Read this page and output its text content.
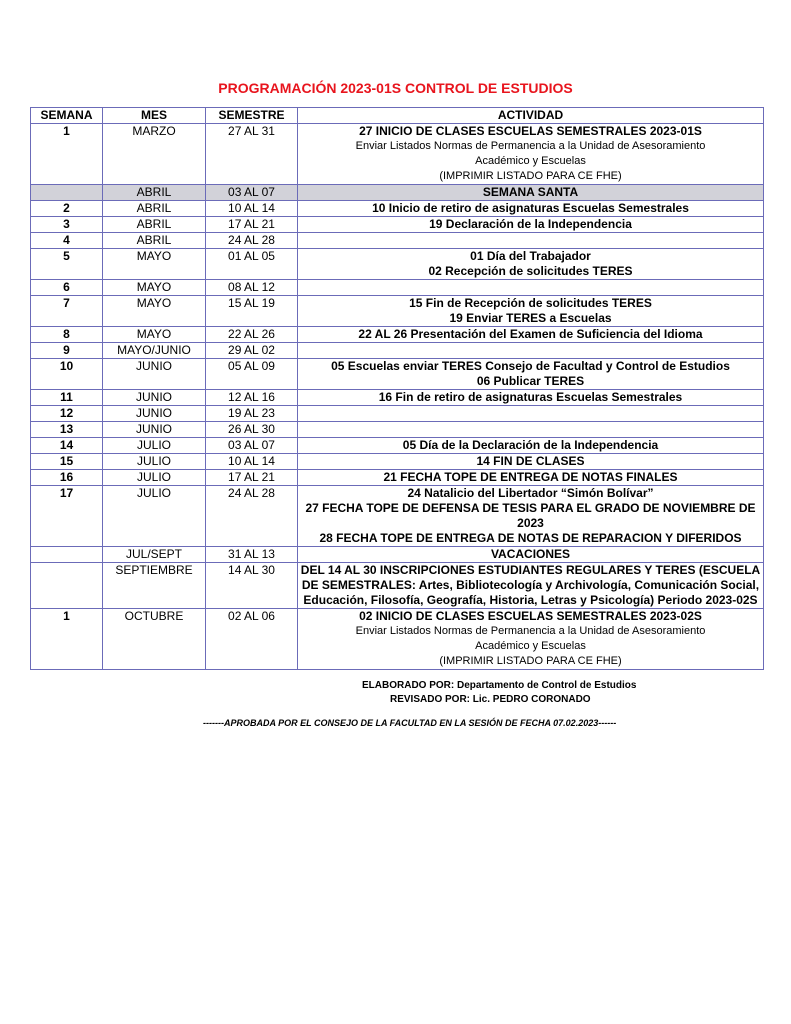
PROGRAMACIÓN 2023-01S CONTROL DE ESTUDIOS
SEMANA	MES	SEMESTRE	ACTIVIDAD
1	MARZO	27 AL 31	27 INICIO DE CLASES ESCUELAS SEMESTRALES 2023-01S
Enviar Listados Normas de Permanencia a la Unidad de Asesoramiento
Académico y Escuelas
(IMPRIMIR LISTADO PARA CE FHE)

	ABRIL	03 AL 07	SEMANA SANTA

2	ABRIL	10 AL 14	10 Inicio de retiro de asignaturas Escuelas Semestrales

3	ABRIL	17 AL 21	19 Declaración de la Independencia

4	ABRIL	24 AL 28	
5	MAYO	01 AL 05	01 Día del Trabajador
02 Recepción de solicitudes TERES

6	MAYO	08 AL 12	
7	MAYO	15 AL 19	15 Fin de Recepción de solicitudes TERES
19 Enviar TERES a Escuelas

8	MAYO	22 AL 26	22 AL 26 Presentación del Examen de Suficiencia del Idioma

9	MAYO/JUNIO	29 AL 02	
10	JUNIO	05 AL 09	05 Escuelas enviar TERES Consejo de Facultad y Control de Estudios
06 Publicar TERES

11	JUNIO	12 AL 16	16 Fin de retiro de asignaturas Escuelas Semestrales

12	JUNIO	19 AL 23	
13	JUNIO	26 AL 30	
14	JULIO	03 AL 07	05 Día de la Declaración de la Independencia

15	JULIO	10 AL 14	14 FIN DE CLASES

16	JULIO	17 AL 21	21 FECHA TOPE DE ENTREGA DE NOTAS FINALES

17	JULIO	24 AL 28	24 Natalicio del Libertador “Simón Bolívar”
27 FECHA TOPE DE DEFENSA DE TESIS PARA EL GRADO DE NOVIEMBRE DE 2023
28 FECHA TOPE DE ENTREGA DE NOTAS DE REPARACION Y DIFERIDOS

	JUL/SEPT	31 AL 13	VACACIONES

	SEPTIEMBRE	14 AL 30	DEL 14 AL 30 INSCRIPCIONES ESTUDIANTES REGULARES Y TERES (ESCUELA DE SEMESTRALES: Artes, Bibliotecología y Archivología, Comunicación Social, Educación, Filosofía, Geografía, Historia, Letras y Psicología) Periodo 2023-02S

1	OCTUBRE	02 AL 06	02 INICIO DE CLASES ESCUELAS SEMESTRALES 2023-02S
Enviar Listados Normas de Permanencia a la Unidad de Asesoramiento
Académico y Escuelas
(IMPRIMIR LISTADO PARA CE FHE)
ELABORADO POR: Departamento de Control de Estudios
REVISADO POR: Lic. PEDRO CORONADO
-------APROBADA POR EL CONSEJO DE LA FACULTAD EN LA SESIÓN DE FECHA 07.02.2023------
